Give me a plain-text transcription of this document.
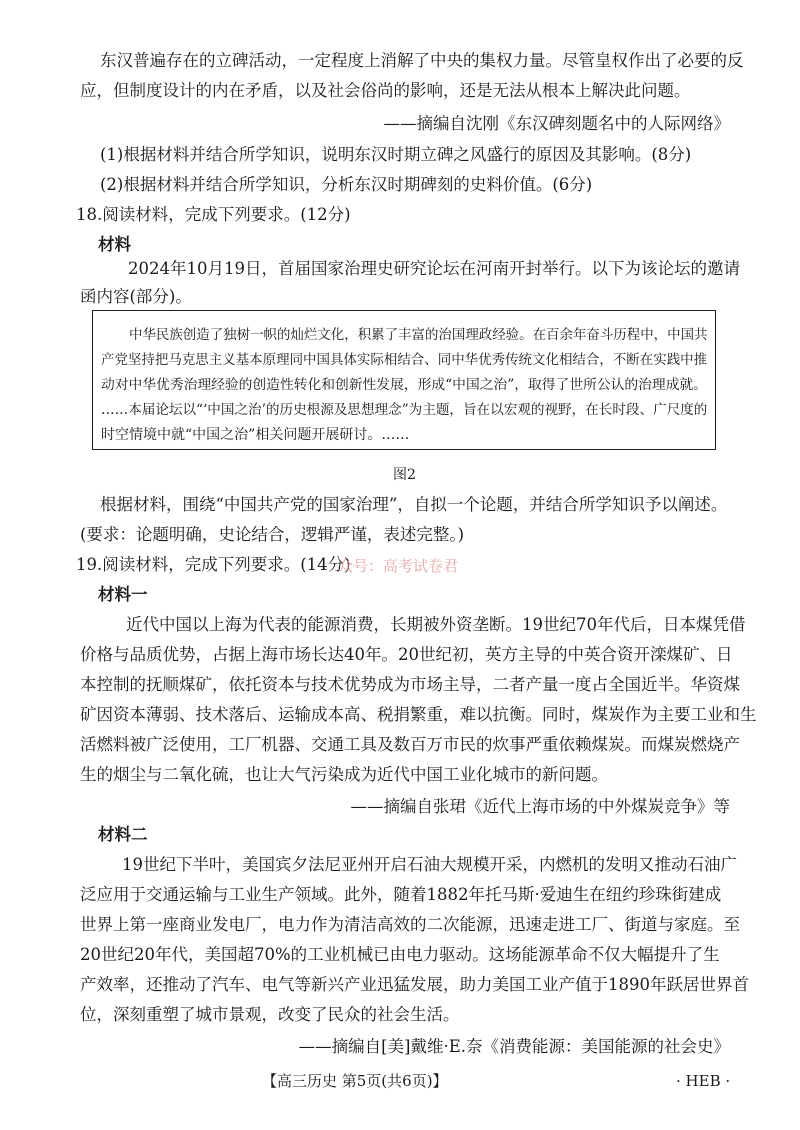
东汉普遍存在的立碑活动，一定程度上消解了中央的集权力量。尽管皇权作出了必要的反
应，但制度设计的内在矛盾，以及社会俗尚的影响，还是无法从根本上解决此问题。
——摘编自沈刚《东汉碑刻题名中的人际网络》
(1)根据材料并结合所学知识，说明东汉时期立碑之风盛行的原因及其影响。(8分)
(2)根据材料并结合所学知识，分析东汉时期碑刻的史料价值。(6分)
18.阅读材料，完成下列要求。(12分)
材料
2024年10月19日，首届国家治理史研究论坛在河南开封举行。以下为该论坛的邀请
函内容(部分)。
中华民族创造了独树一帜的灿烂文化，积累了丰富的治国理政经验。在百余年奋斗历程中，中国共
产党坚持把马克思主义基本原理同中国具体实际相结合、同中华优秀传统文化相结合，不断在实践中推
动对中华优秀治理经验的创造性转化和创新性发展，形成“中国之治”，取得了世所公认的治理成就。
……本届论坛以“‘中国之治’的历史根源及思想理念”为主题，旨在以宏观的视野，在长时段、广尺度的
时空情境中就“中国之治”相关问题开展研讨。……
图2
根据材料，围绕“中国共产党的国家治理”，自拟一个论题，并结合所学知识予以阐述。
(要求：论题明确，史论结合，逻辑严谨，表述完整。)
19.阅读材料，完成下列要求。(14分)
众号：高考试卷君
材料一
近代中国以上海为代表的能源消费，长期被外资垄断。19世纪70年代后，日本煤凭借
价格与品质优势，占据上海市场长达40年。20世纪初，英方主导的中英合资开滦煤矿、日
本控制的抚顺煤矿，依托资本与技术优势成为市场主导，二者产量一度占全国近半。华资煤
矿因资本薄弱、技术落后、运输成本高、税捐繁重，难以抗衡。同时，煤炭作为主要工业和生
活燃料被广泛使用，工厂机器、交通工具及数百万市民的炊事严重依赖煤炭。而煤炭燃烧产
生的烟尘与二氧化硫，也让大气污染成为近代中国工业化城市的新问题。
——摘编自张珺《近代上海市场的中外煤炭竞争》等
材料二
19世纪下半叶，美国宾夕法尼亚州开启石油大规模开采，内燃机的发明又推动石油广
泛应用于交通运输与工业生产领域。此外，随着1882年托马斯·爱迪生在纽约珍珠街建成
世界上第一座商业发电厂，电力作为清洁高效的二次能源，迅速走进工厂、街道与家庭。至
20世纪20年代，美国超70%的工业机械已由电力驱动。这场能源革命不仅大幅提升了生
产效率，还推动了汽车、电气等新兴产业迅猛发展，助力美国工业产值于1890年跃居世界首
位，深刻重塑了城市景观，改变了民众的社会生活。
——摘编自[美]戴维·E.奈《消费能源：美国能源的社会史》
【高三历史 第5页(共6页)】	· HEB ·
